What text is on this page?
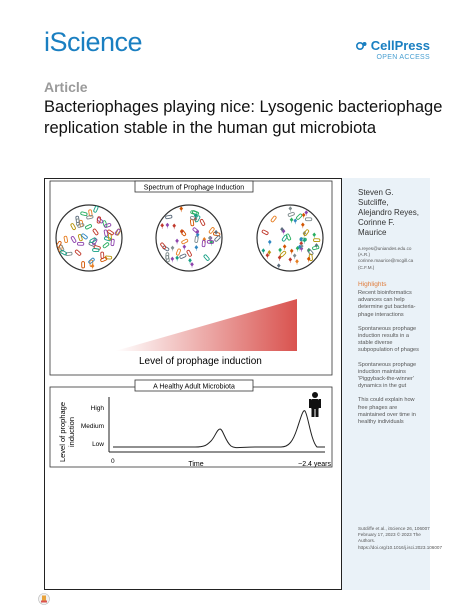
iScience	CellPress
OPEN ACCESS
Article
Bacteriophages playing nice: Lysogenic bacteriophage replication stable in the human gut microbiota
Spectrum of Prophage Induction
Level of prophage induction
A Healthy Adult Microbiota
Level of prophage induction
High
Medium
Low
0	Time	~2.4 years
Steven G. Sutcliffe, Alejandro Reyes, Corinne F. Maurice
a.reyes@uniandes.edu.co (A.R.) corinne.maurice@mcgill.ca (C.F.M.)
Highlights
Recent bioinformatics advances can help determine gut bacteria-phage interactions
Spontaneous prophage induction results in a stable diverse subpopulation of phages
Spontaneous prophage induction maintains 'Piggyback-the-winner' dynamics in the gut
This could explain how free phages are maintained over time in healthy individuals
Sutcliffe et al., iScience 26, 106007 February 17, 2023 © 2023 The Authors. https://doi.org/10.1016/j.isci.2023.106007
